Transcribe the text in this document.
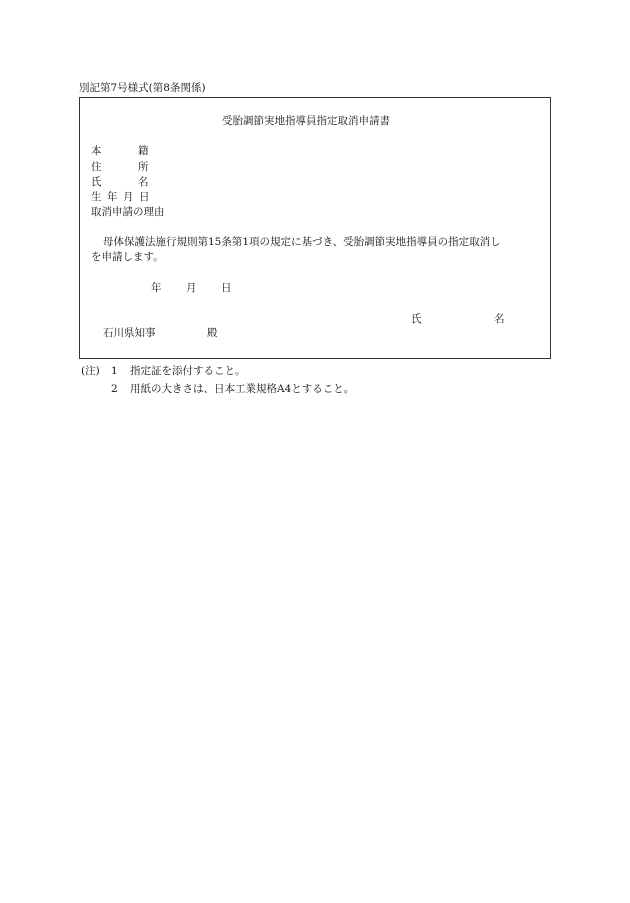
別記第7号様式(第8条関係)
受胎調節実地指導員指定取消申請書
本	籍
住	所
氏	名
生 年 月 日
取消申請の理由
母体保護法施行規則第15条第1項の規定に基づき、受胎調節実地指導員の指定取消し
を申請します。
年 月 日
氏	名
石川県知事	殿
(注) 1 指定証を添付すること。
2 用紙の大きさは、日本工業規格A4とすること。
